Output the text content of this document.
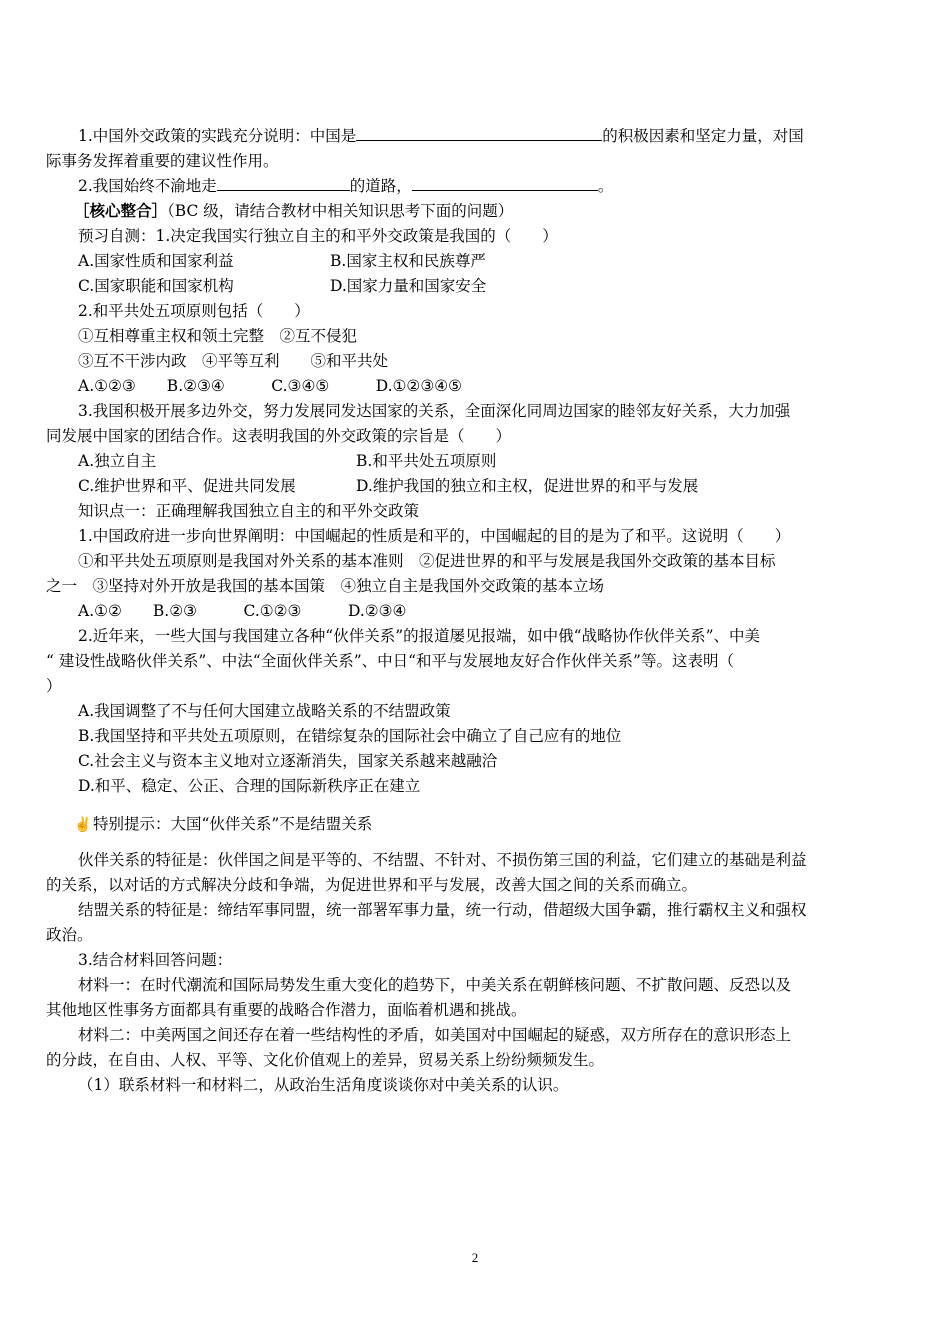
1.中国外交政策的实践充分说明：中国是	的积极因素和坚定力量，对国
际事务发挥着重要的建议性作用。
2.我国始终不渝地走	的道路，	。
［核心整合］（BC 级，请结合教材中相关知识思考下面的问题）
预习自测：1.决定我国实行独立自主的和平外交政策是我国的（　　）
A.国家性质和国家利益	B.国家主权和民族尊严
C.国家职能和国家机构	D.国家力量和国家安全
2.和平共处五项原则包括（　　）
①互相尊重主权和领土完整　②互不侵犯
③互不干涉内政　④平等互利　　⑤和平共处
A.①②③　　B.②③④　　　C.③④⑤　　　D.①②③④⑤
3.我国积极开展多边外交，努力发展同发达国家的关系，全面深化同周边国家的睦邻友好关系，大力加强
同发展中国家的团结合作。这表明我国的外交政策的宗旨是（　　）
A.独立自主	B.和平共处五项原则
C.维护世界和平、促进共同发展	D.维护我国的独立和主权，促进世界的和平与发展
知识点一：正确理解我国独立自主的和平外交政策
1.中国政府进一步向世界阐明：中国崛起的性质是和平的，中国崛起的目的是为了和平。这说明（　　）
①和平共处五项原则是我国对外关系的基本准则　②促进世界的和平与发展是我国外交政策的基本目标
之一　③坚持对外开放是我国的基本国策　④独立自主是我国外交政策的基本立场
A.①②　　B.②③　　　C.①②③　　　D.②③④
2.近年来，一些大国与我国建立各种“伙伴关系”的报道屡见报端，如中俄“战略协作伙伴关系”、中美
“ 建设性战略伙伴关系”、中法“全面伙伴关系”、中日“和平与发展地友好合作伙伴关系”等。这表明（
）
A.我国调整了不与任何大国建立战略关系的不结盟政策
B.我国坚持和平共处五项原则，在错综复杂的国际社会中确立了自己应有的地位
C.社会主义与资本主义地对立逐渐消失，国家关系越来越融洽
D.和平、稳定、公正、合理的国际新秩序正在建立
✌ 特别提示：大国“伙伴关系”不是结盟关系
伙伴关系的特征是：伙伴国之间是平等的、不结盟、不针对、不损伤第三国的利益，它们建立的基础是利益
的关系，以对话的方式解决分歧和争端，为促进世界和平与发展，改善大国之间的关系而确立。
结盟关系的特征是：缔结军事同盟，统一部署军事力量，统一行动，借超级大国争霸，推行霸权主义和强权
政治。
3.结合材料回答问题：
材料一：在时代潮流和国际局势发生重大变化的趋势下，中美关系在朝鲜核问题、不扩散问题、反恐以及
其他地区性事务方面都具有重要的战略合作潜力，面临着机遇和挑战。
材料二：中美两国之间还存在着一些结构性的矛盾，如美国对中国崛起的疑惑，双方所存在的意识形态上
的分歧，在自由、人权、平等、文化价值观上的差异，贸易关系上纷纷频频发生。
（1）联系材料一和材料二，从政治生活角度谈谈你对中美关系的认识。
2
